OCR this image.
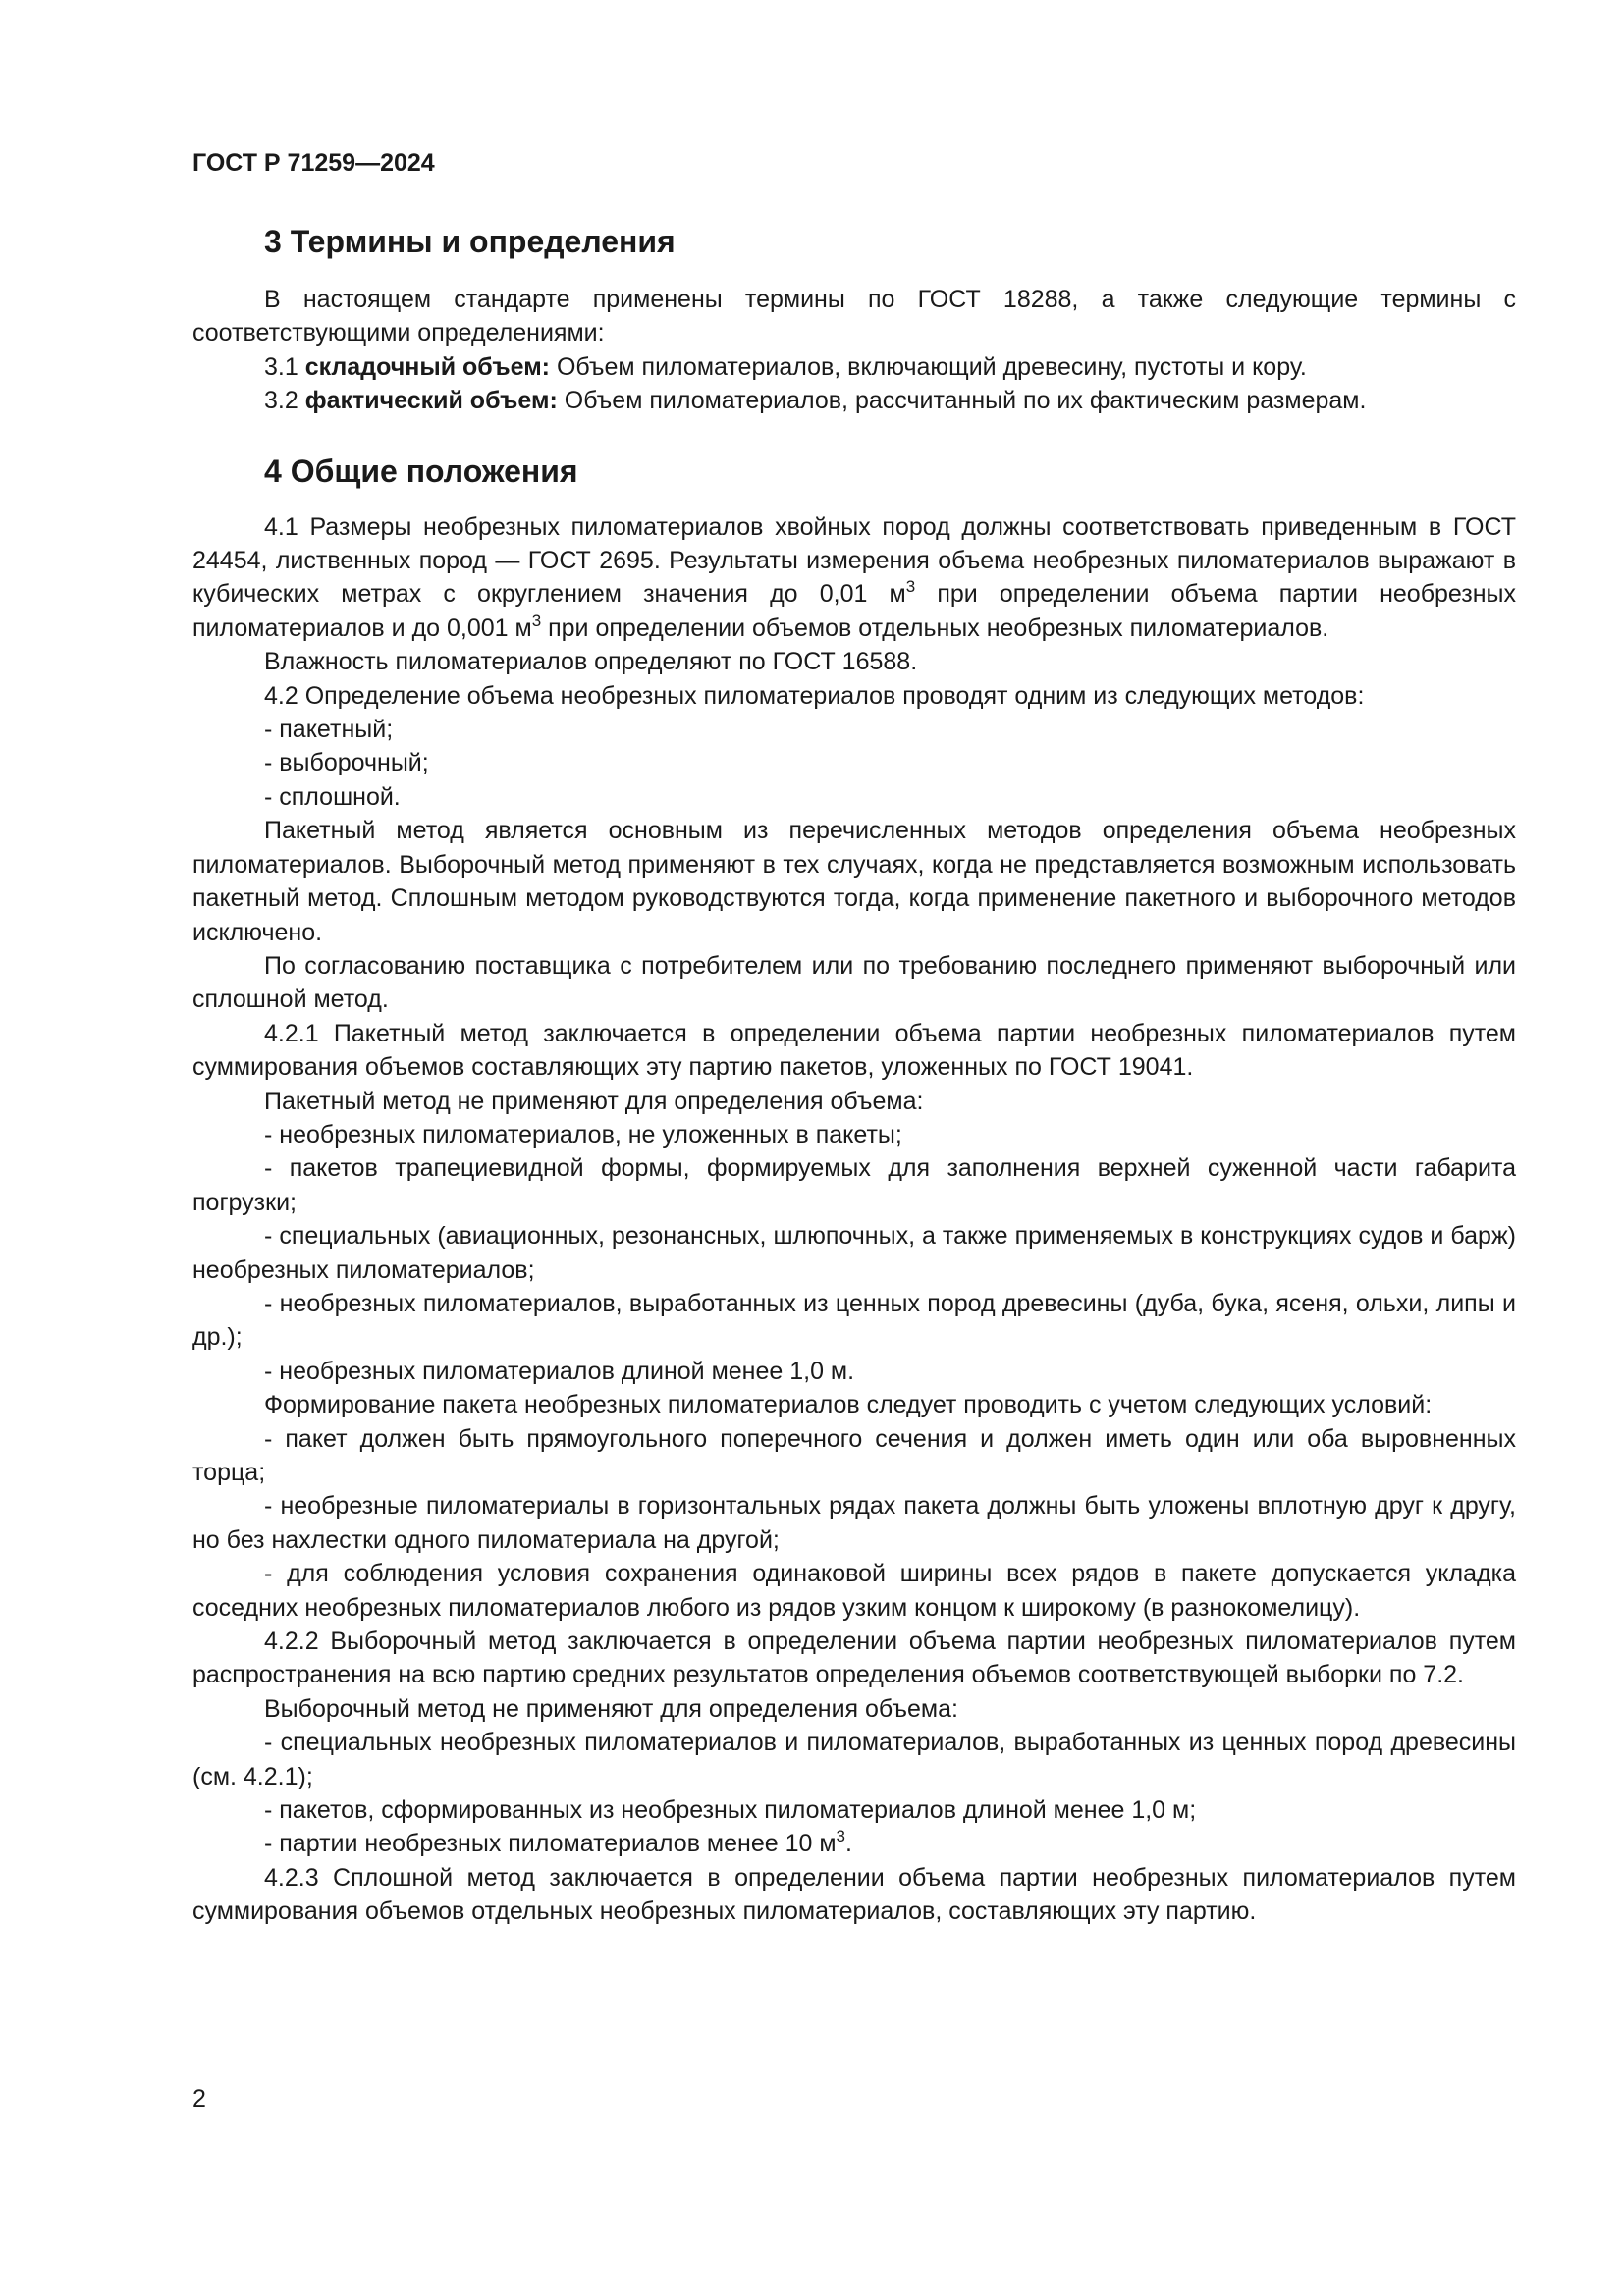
ГОСТ Р 71259—2024
3 Термины и определения

В настоящем стандарте применены термины по ГОСТ 18288, а также следующие термины с соответствующими определениями:

3.1 складочный объем: Объем пиломатериалов, включающий древесину, пустоты и кору.

3.2 фактический объем: Объем пиломатериалов, рассчитанный по их фактическим размерам.

4 Общие положения

4.1 Размеры необрезных пиломатериалов хвойных пород должны соответствовать приведенным в ГОСТ 24454, лиственных пород — ГОСТ 2695. Результаты измерения объема необрезных пиломатериалов выражают в кубических метрах с округлением значения до 0,01 $м^3$ при определении объема партии необрезных пиломатериалов и до 0,001 $м^3$ при определении объемов отдельных необрезных пиломатериалов.

Влажность пиломатериалов определяют по ГОСТ 16588.

4.2 Определение объема необрезных пиломатериалов проводят одним из следующих методов:

- пакетный;

- выборочный;

- сплошной.

Пакетный метод является основным из перечисленных методов определения объема необрезных пиломатериалов. Выборочный метод применяют в тех случаях, когда не представляется возможным использовать пакетный метод. Сплошным методом руководствуются тогда, когда применение пакетного и выборочного методов исключено.

По согласованию поставщика с потребителем или по требованию последнего применяют выборочный или сплошной метод.

4.2.1 Пакетный метод заключается в определении объема партии необрезных пиломатериалов путем суммирования объемов составляющих эту партию пакетов, уложенных по ГОСТ 19041.

Пакетный метод не применяют для определения объема:

- необрезных пиломатериалов, не уложенных в пакеты;

- пакетов трапециевидной формы, формируемых для заполнения верхней суженной части габарита погрузки;

- специальных (авиационных, резонансных, шлюпочных, а также применяемых в конструкциях судов и барж) необрезных пиломатериалов;

- необрезных пиломатериалов, выработанных из ценных пород древесины (дуба, бука, ясеня, ольхи, липы и др.);

- необрезных пиломатериалов длиной менее 1,0 м.

Формирование пакета необрезных пиломатериалов следует проводить с учетом следующих условий:

- пакет должен быть прямоугольного поперечного сечения и должен иметь один или оба выровненных торца;

- необрезные пиломатериалы в горизонтальных рядах пакета должны быть уложены вплотную друг к другу, но без нахлестки одного пиломатериала на другой;

- для соблюдения условия сохранения одинаковой ширины всех рядов в пакете допускается укладка соседних необрезных пиломатериалов любого из рядов узким концом к широкому (в разнокомелицу).

4.2.2 Выборочный метод заключается в определении объема партии необрезных пиломатериалов путем распространения на всю партию средних результатов определения объемов соответствующей выборки по 7.2.

Выборочный метод не применяют для определения объема:

- специальных необрезных пиломатериалов и пиломатериалов, выработанных из ценных пород древесины (см. 4.2.1);

- пакетов, сформированных из необрезных пиломатериалов длиной менее 1,0 м;

- партии необрезных пиломатериалов менее 10 $м^3$.

4.2.3 Сплошной метод заключается в определении объема партии необрезных пиломатериалов путем суммирования объемов отдельных необрезных пиломатериалов, составляющих эту партию.

2
